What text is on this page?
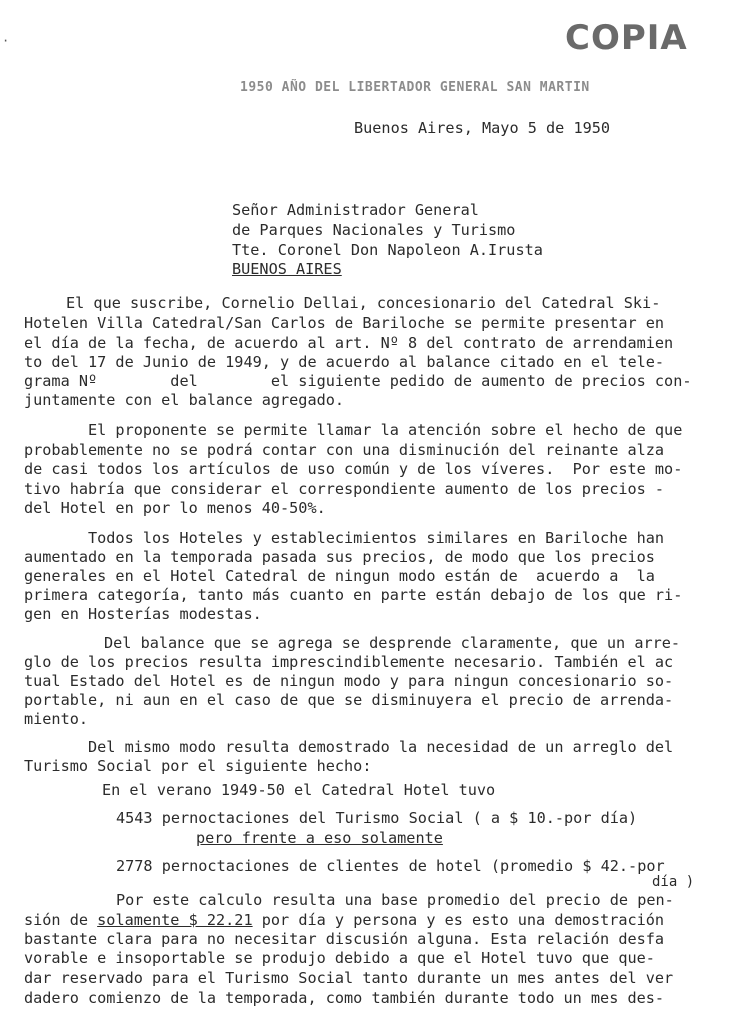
·	COPIA
1950 AÑO DEL LIBERTADOR GENERAL SAN MARTIN
Buenos Aires, Mayo 5 de 1950
Señor Administrador General
de Parques Nacionales y Turismo
Tte. Coronel Don Napoleon A.Irusta
BUENOS AIRES
El que suscribe, Cornelio Dellai, concesionario del Catedral Ski-
Hotelen Villa Catedral/San Carlos de Bariloche se permite presentar en
el día de la fecha, de acuerdo al art. Nº 8 del contrato de arrendamien
to del 17 de Junio de 1949, y de acuerdo al balance citado en el tele-
grama Nº        del        el siguiente pedido de aumento de precios con-
juntamente con el balance agregado.
El proponente se permite llamar la atención sobre el hecho de que
probablemente no se podrá contar con una disminución del reinante alza
de casi todos los artículos de uso común y de los víveres.  Por este mo-
tivo habría que considerar el correspondiente aumento de los precios -
del Hotel en por lo menos 40-50%.
Todos los Hoteles y establecimientos similares en Bariloche han
aumentado en la temporada pasada sus precios, de modo que los precios
generales en el Hotel Catedral de ningun modo están de  acuerdo a  la
primera categoría, tanto más cuanto en parte están debajo de los que ri-
gen en Hosterías modestas.
Del balance que se agrega se desprende claramente, que un arre-
glo de los precios resulta imprescindiblemente necesario. También el ac
tual Estado del Hotel es de ningun modo y para ningun concesionario so-
portable, ni aun en el caso de que se disminuyera el precio de arrenda-
miento.
Del mismo modo resulta demostrado la necesidad de un arreglo del
Turismo Social por el siguiente hecho:
En el verano 1949-50 el Catedral Hotel tuvo
4543 pernoctaciones del Turismo Social ( a $ 10.-por día)
pero frente a eso solamente
2778 pernoctaciones de clientes de hotel (promedio $ 42.-por
día )
Por este calculo resulta una base promedio del precio de pen-
sión de solamente $ 22.21 por día y persona y es esto una demostración
bastante clara para no necesitar discusión alguna. Esta relación desfa
vorable e insoportable se produjo debido a que el Hotel tuvo que que-
dar reservado para el Turismo Social tanto durante un mes antes del ver
dadero comienzo de la temporada, como también durante todo un mes des-
